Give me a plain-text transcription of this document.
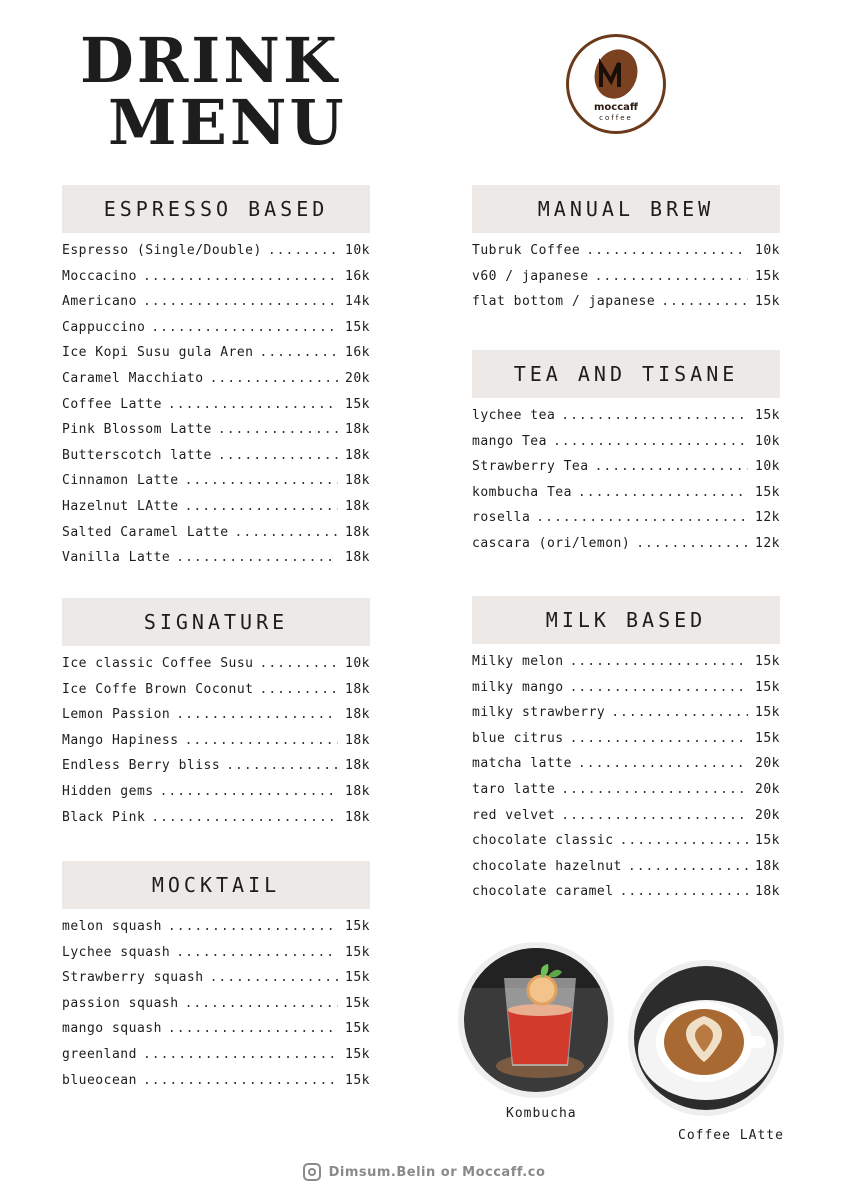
DRINK
MENU	moccaff
coffee
ESPRESSO BASED
Espresso (Single/Double) .....	10k
Moccacino .....	16k
Americano .....	14k
Cappuccino .....	15k
Ice Kopi Susu gula Aren .....	16k
Caramel Macchiato .....	20k
Coffee Latte .....	15k
Pink Blossom Latte .....	18k
Butterscotch latte .....	18k
Cinnamon Latte .....	18k
Hazelnut LAtte .....	18k
Salted Caramel Latte .....	18k
Vanilla Latte .....	18k
SIGNATURE
Ice classic Coffee Susu .....	10k
Ice Coffe Brown Coconut .....	18k
Lemon Passion .....	18k
Mango Hapiness .....	18k
Endless Berry bliss .....	18k
Hidden gems .....	18k
Black Pink .....	18k
MOCKTAIL
melon squash .....	15k
Lychee squash .....	15k
Strawberry squash .....	15k
passion squash .....	15k
mango squash .....	15k
greenland .....	15k
blueocean .....	15k
MANUAL BREW
Tubruk Coffee .....	10k
v60 / japanese .....	15k
flat bottom / japanese .....	15k
TEA AND TISANE
lychee tea .....	15k
mango Tea .....	10k
Strawberry Tea .....	10k
kombucha Tea .....	15k
rosella .....	12k
cascara (ori/lemon) .....	12k
MILK BASED
Milky melon .....	15k
milky mango .....	15k
milky strawberry .....	15k
blue citrus .....	15k
matcha latte .....	20k
taro latte .....	20k
red velvet .....	20k
chocolate classic .....	15k
chocolate hazelnut .....	18k
chocolate caramel .....	18k
Kombucha
Coffee LAtte
Dimsum.Belin or Moccaff.co
